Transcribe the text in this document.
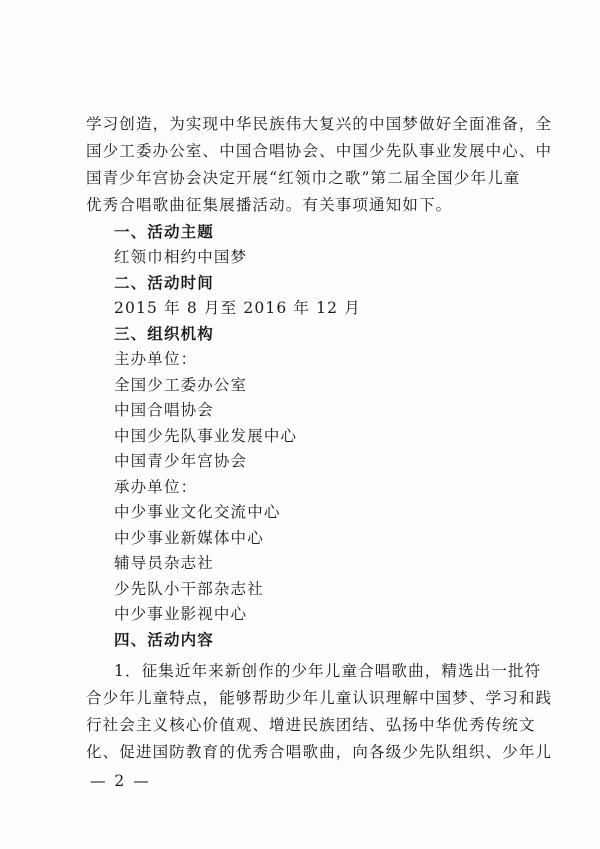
学习创造，为实现中华民族伟大复兴的中国梦做好全面准备，全
国少工委办公室、中国合唱协会、中国少先队事业发展中心、中
国青少年宫协会决定开展“红领巾之歌”第二届全国少年儿童
优秀合唱歌曲征集展播活动。有关事项通知如下。
一、活动主题
红领巾相约中国梦
二、活动时间
2015 年 8 月至 2016 年 12 月
三、组织机构
主办单位：
全国少工委办公室
中国合唱协会
中国少先队事业发展中心
中国青少年宫协会
承办单位：
中少事业文化交流中心
中少事业新媒体中心
辅导员杂志社
少先队小干部杂志社
中少事业影视中心
四、活动内容
1．征集近年来新创作的少年儿童合唱歌曲，精选出一批符
合少年儿童特点，能够帮助少年儿童认识理解中国梦、学习和践
行社会主义核心价值观、增进民族团结、弘扬中华优秀传统文
化、促进国防教育的优秀合唱歌曲，向各级少先队组织、少年儿
— 2 —
